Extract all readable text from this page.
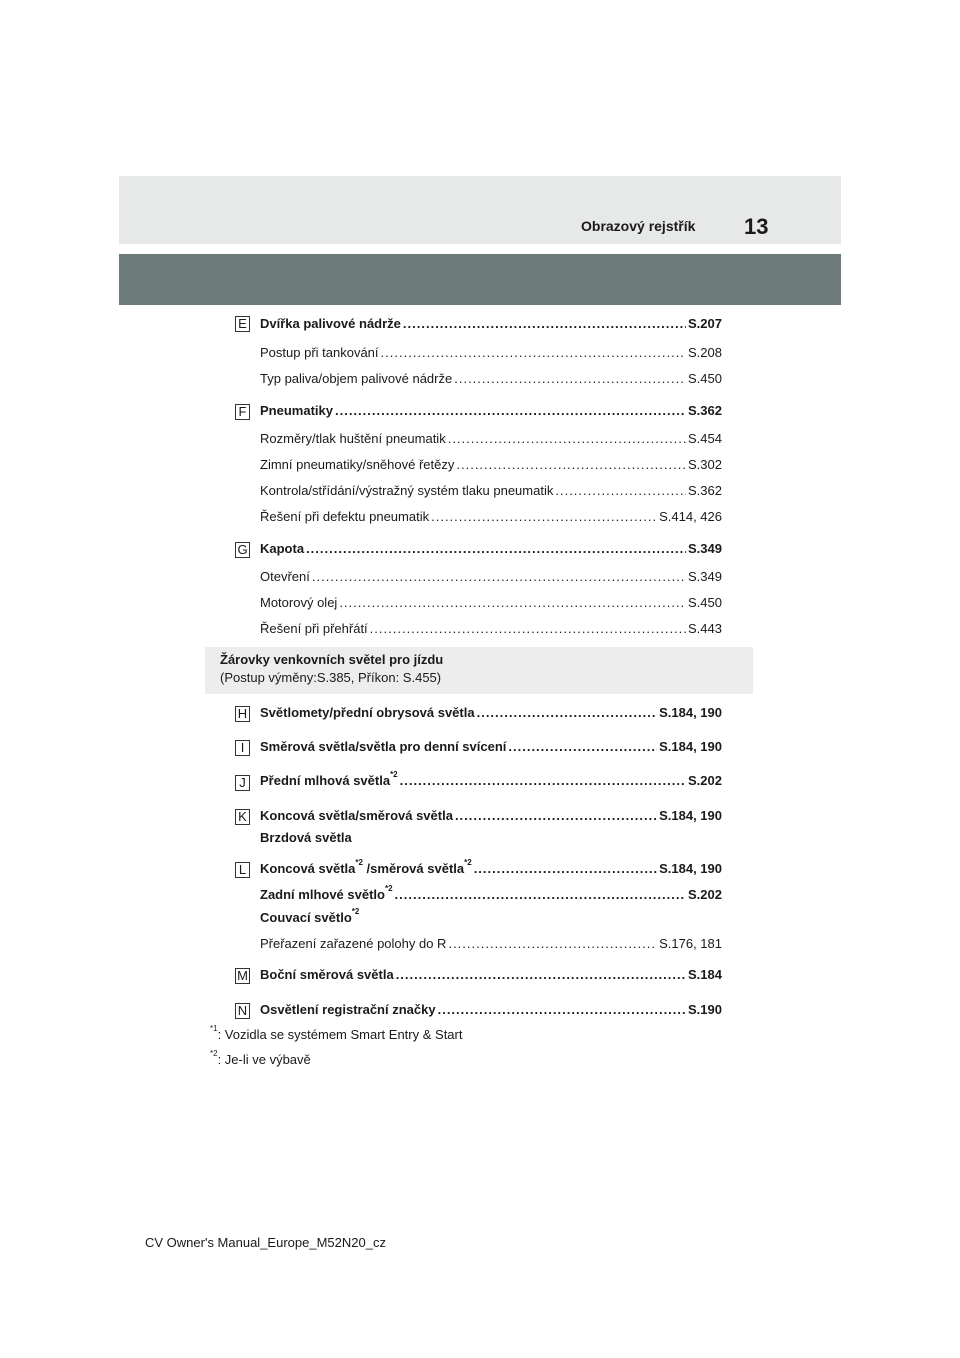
Obrazový rejstřík 13
E Dvířka palivové nádrže .....	S.207
Postup při tankování .....	S.208
Typ paliva/objem palivové nádrže .....	S.450
F Pneumatiky .....	S.362
Rozměry/tlak huštění pneumatik .....	S.454
Zimní pneumatiky/sněhové řetězy .....	S.302
Kontrola/střídání/výstražný systém tlaku pneumatik .....	S.362
Řešení při defektu pneumatik .....	S.414, 426
G Kapota .....	S.349
Otevření .....	S.349
Motorový olej .....	S.450
Řešení při přehřátí .....	S.443
Žárovky venkovních světel pro jízdu
(Postup výměny:S.385, Příkon: S.455)
H Světlomety/přední obrysová světla .....	S.184, 190
I	Směrová světla/světla pro denní svícení .....	S.184, 190
J	Přední mlhová světla$^{*2}$ .....	S.202
K Koncová světla/směrová světla .....	S.184, 190
Brzdová světla
L Koncová světla$^{*2}$ /směrová světla$^{*2}$ .....	S.184, 190
Zadní mlhové světlo$^{*2}$ .....	S.202
Couvací světlo$^{*2}$
Přeřazení zařazené polohy do R .....	S.176, 181
M Boční směrová světla .....	S.184
N Osvětlení registrační značky .....	S.190
$^{*1}$: Vozidla se systémem Smart Entry & Start
$^{*2}$: Je-li ve výbavě
CV Owner's Manual_Europe_M52N20_cz
